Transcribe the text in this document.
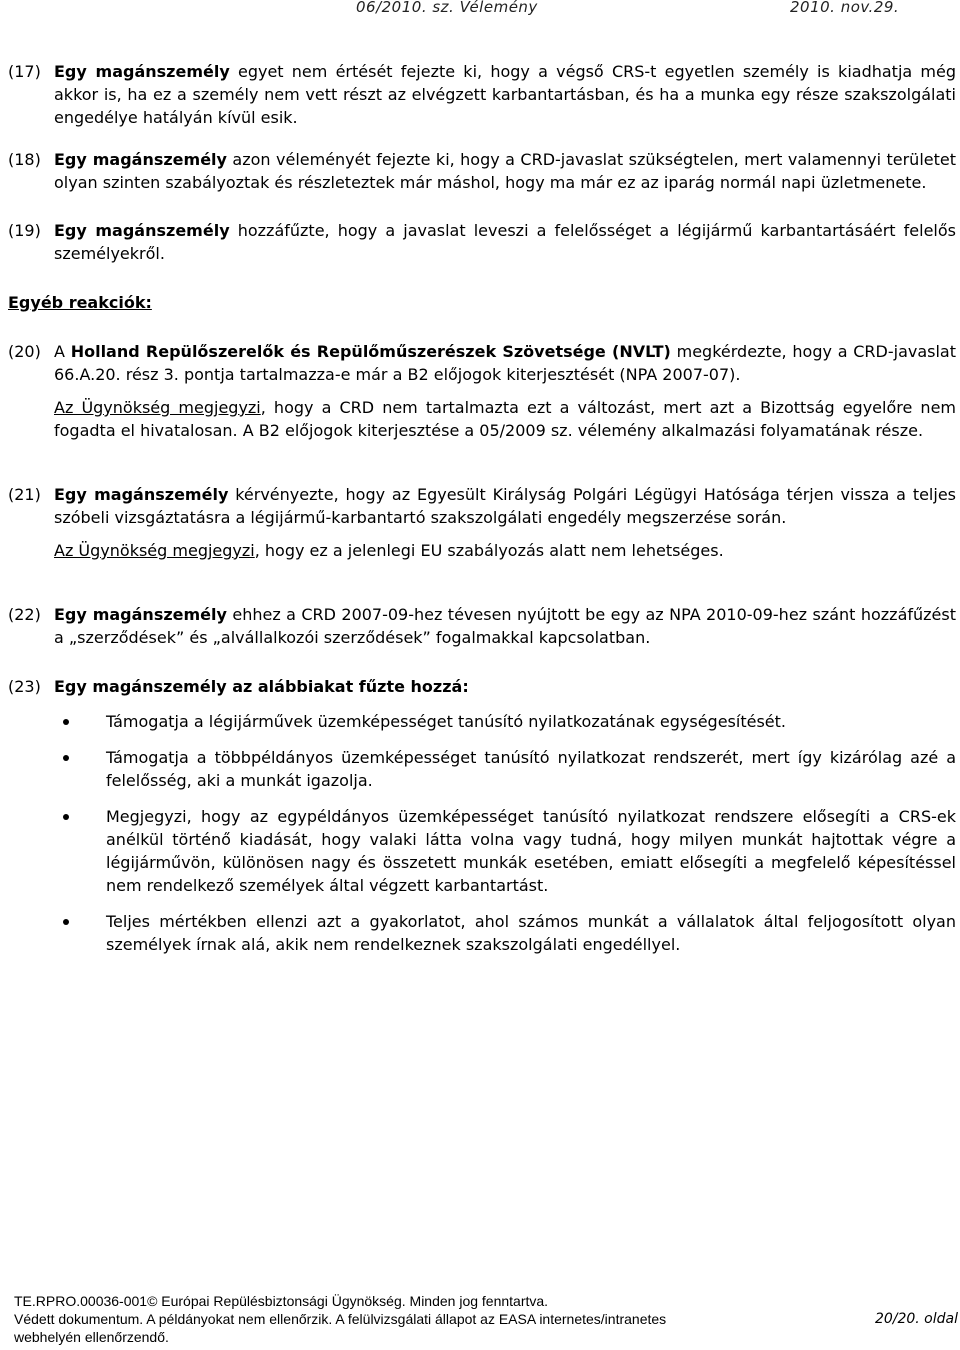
06/2010. sz. Vélemény	2010. nov.29.
(17) Egy magánszemély egyet nem értését fejezte ki, hogy a végső CRS-t egyetlen személy is kiadhatja még akkor is, ha ez a személy nem vett részt az elvégzett karbantartásban, és ha a munka egy része szakszolgálati engedélye hatályán kívül esik.
(18) Egy magánszemély azon véleményét fejezte ki, hogy a CRD-javaslat szükségtelen, mert valamennyi területet olyan szinten szabályoztak és részleteztek már máshol, hogy ma már ez az iparág normál napi üzletmenete.
(19) Egy magánszemély hozzáfűzte, hogy a javaslat leveszi a felelősséget a légijármű karbantartásáért felelős személyekről.
Egyéb reakciók:
(20) A Holland Repülőszerelők és Repülőműszerészek Szövetsége (NVLT) megkérdezte, hogy a CRD-javaslat 66.A.20. rész 3. pontja tartalmazza-e már a B2 előjogok kiterjesztését (NPA 2007-07).
Az Ügynökség megjegyzi, hogy a CRD nem tartalmazta ezt a változást, mert azt a Bizottság egyelőre nem fogadta el hivatalosan. A B2 előjogok kiterjesztése a 05/2009 sz. vélemény alkalmazási folyamatának része.
(21) Egy magánszemély kérvényezte, hogy az Egyesült Királyság Polgári Légügyi Hatósága térjen vissza a teljes szóbeli vizsgáztatásra a légijármű-karbantartó szakszolgálati engedély megszerzése során.
Az Ügynökség megjegyzi, hogy ez a jelenlegi EU szabályozás alatt nem lehetséges.
(22) Egy magánszemély ehhez a CRD 2007-09-hez tévesen nyújtott be egy az NPA 2010-09-hez szánt hozzáfűzést a „szerződések” és „alvállalkozói szerződések” fogalmakkal kapcsolatban.
(23) Egy magánszemély az alábbiakat fűzte hozzá:
Támogatja a légijárművek üzemképességet tanúsító nyilatkozatának egységesítését.
Támogatja a többpéldányos üzemképességet tanúsító nyilatkozat rendszerét, mert így kizárólag azé a felelősség, aki a munkát igazolja.
Megjegyzi, hogy az egypéldányos üzemképességet tanúsító nyilatkozat rendszere elősegíti a CRS-ek anélkül történő kiadását, hogy valaki látta volna vagy tudná, hogy milyen munkát hajtottak végre a légijárművön, különösen nagy és összetett munkák esetében, emiatt elősegíti a megfelelő képesítéssel nem rendelkező személyek által végzett karbantartást.
Teljes mértékben ellenzi azt a gyakorlatot, ahol számos munkát a vállalatok által feljogosított olyan személyek írnak alá, akik nem rendelkeznek szakszolgálati engedéllyel.
TE.RPRO.00036-001© Európai Repülésbiztonsági Ügynökség. Minden jog fenntartva.
Védett dokumentum. A példányokat nem ellenőrzik. A felülvizsgálati állapot az EASA internetes/intranetes
webhelyén ellenőrzendő.
20/20. oldal
